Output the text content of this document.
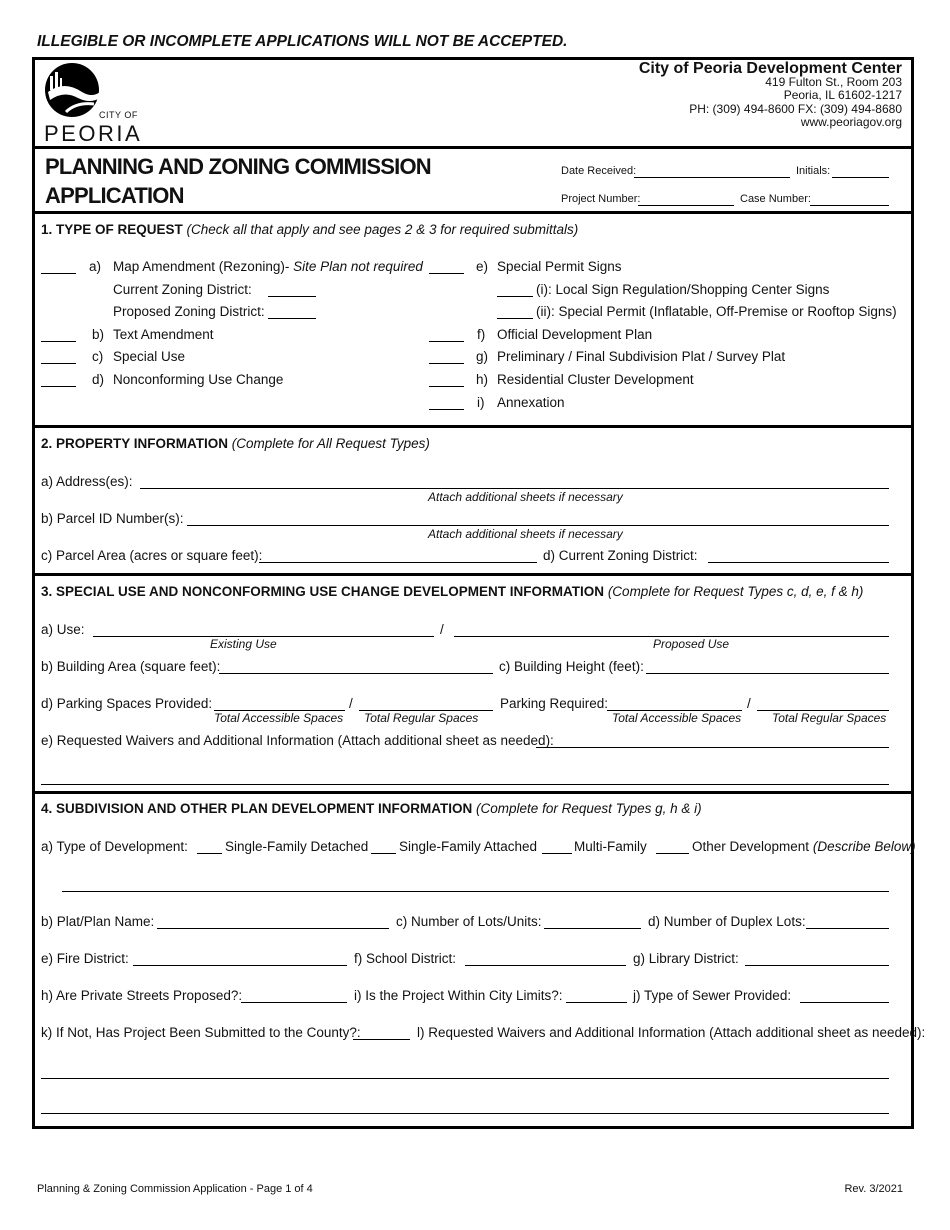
ILLEGIBLE OR INCOMPLETE APPLICATIONS WILL NOT BE ACCEPTED.
CITY OF
PEORIA
City of Peoria Development Center
419 Fulton St., Room 203
Peoria, IL 61602-1217
PH: (309) 494-8600 FX: (309) 494-8680
www.peoriagov.org
PLANNING AND ZONING COMMISSION
APPLICATION
Date Received:	Initials:
Project Number:	Case Number:
1. TYPE OF REQUEST (Check all that apply and see pages 2 & 3 for required submittals)
a) Map Amendment (Rezoning)- Site Plan not required
Current Zoning District:
Proposed Zoning District:
b) Text Amendment
c) Special Use
d) Nonconforming Use Change
e) Special Permit Signs
(i): Local Sign Regulation/Shopping Center Signs
(ii): Special Permit (Inflatable, Off-Premise or Rooftop Signs)
f) Official Development Plan
g) Preliminary / Final Subdivision Plat / Survey Plat
h) Residential Cluster Development
i) Annexation
2. PROPERTY INFORMATION (Complete for All Request Types)
a) Address(es):
Attach additional sheets if necessary
b) Parcel ID Number(s):
Attach additional sheets if necessary
c) Parcel Area (acres or square feet):	d) Current Zoning District:
3. SPECIAL USE AND NONCONFORMING USE CHANGE DEVELOPMENT INFORMATION (Complete for Request Types c, d, e, f & h)
a) Use:	/
Existing Use	Proposed Use
b) Building Area (square feet):	c) Building Height (feet):
d) Parking Spaces Provided:	/	Parking Required:	/
Total Accessible Spaces Total Regular Spaces	Total Accessible Spaces	Total Regular Spaces
e) Requested Waivers and Additional Information (Attach additional sheet as needed):
4. SUBDIVISION AND OTHER PLAN DEVELOPMENT INFORMATION (Complete for Request Types g, h & i)
a) Type of Development:	Single-Family Detached Single-Family Attached	Multi-Family	Other Development (Describe Below)
b) Plat/Plan Name:	c) Number of Lots/Units:	d) Number of Duplex Lots:
e) Fire District:	f) School District:	g) Library District:
h) Are Private Streets Proposed?:	i) Is the Project Within City Limits?:	j) Type of Sewer Provided:
k) If Not, Has Project Been Submitted to the County?:	l) Requested Waivers and Additional Information (Attach additional sheet as needed):
Planning & Zoning Commission Application - Page 1 of 4	Rev. 3/2021
